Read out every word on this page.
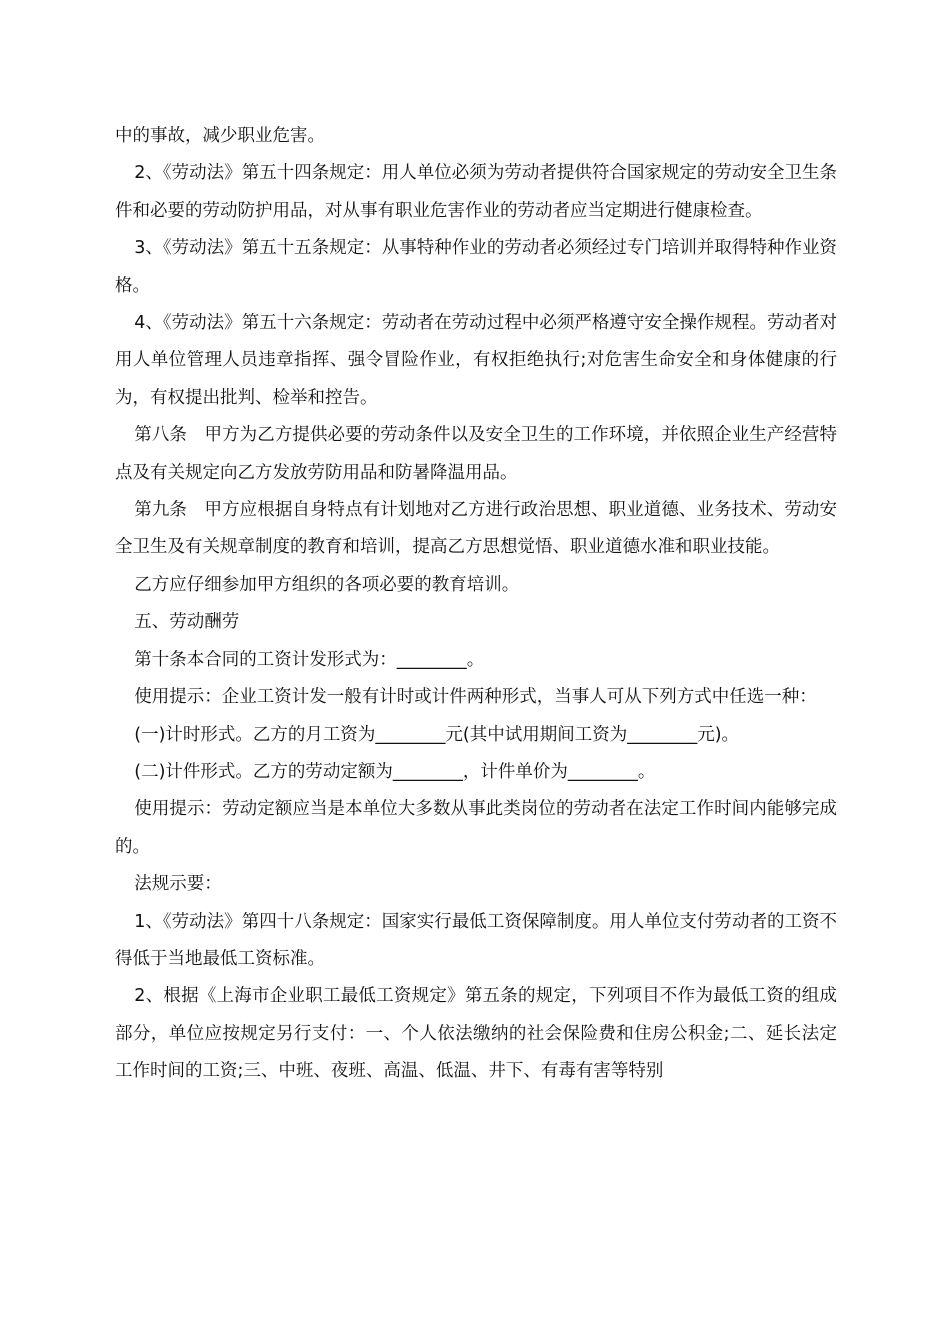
中的事故，减少职业危害。

2、《劳动法》第五十四条规定：用人单位必须为劳动者提供符合国家规定的劳动安全卫生条件和必要的劳动防护用品，对从事有职业危害作业的劳动者应当定期进行健康检查。

3、《劳动法》第五十五条规定：从事特种作业的劳动者必须经过专门培训并取得特种作业资格。

4、《劳动法》第五十六条规定：劳动者在劳动过程中必须严格遵守安全操作规程。劳动者对用人单位管理人员违章指挥、强令冒险作业，有权拒绝执行;对危害生命安全和身体健康的行为，有权提出批判、检举和控告。

第八条　甲方为乙方提供必要的劳动条件以及安全卫生的工作环境，并依照企业生产经营特点及有关规定向乙方发放劳防用品和防暑降温用品。

第九条　甲方应根据自身特点有计划地对乙方进行政治思想、职业道德、业务技术、劳动安全卫生及有关规章制度的教育和培训，提高乙方思想觉悟、职业道德水准和职业技能。

乙方应仔细参加甲方组织的各项必要的教育培训。

五、劳动酬劳

第十条本合同的工资计发形式为：________。

使用提示：企业工资计发一般有计时或计件两种形式，当事人可从下列方式中任选一种：

(一)计时形式。乙方的月工资为________元(其中试用期间工资为________元)。

(二)计件形式。乙方的劳动定额为________，计件单价为________。

使用提示：劳动定额应当是本单位大多数从事此类岗位的劳动者在法定工作时间内能够完成的。

法规示要：

1、《劳动法》第四十八条规定：国家实行最低工资保障制度。用人单位支付劳动者的工资不得低于当地最低工资标准。

2、根据《上海市企业职工最低工资规定》第五条的规定，下列项目不作为最低工资的组成部分，单位应按规定另行支付：一、个人依法缴纳的社会保险费和住房公积金;二、延长法定工作时间的工资;三、中班、夜班、高温、低温、井下、有毒有害等特别
